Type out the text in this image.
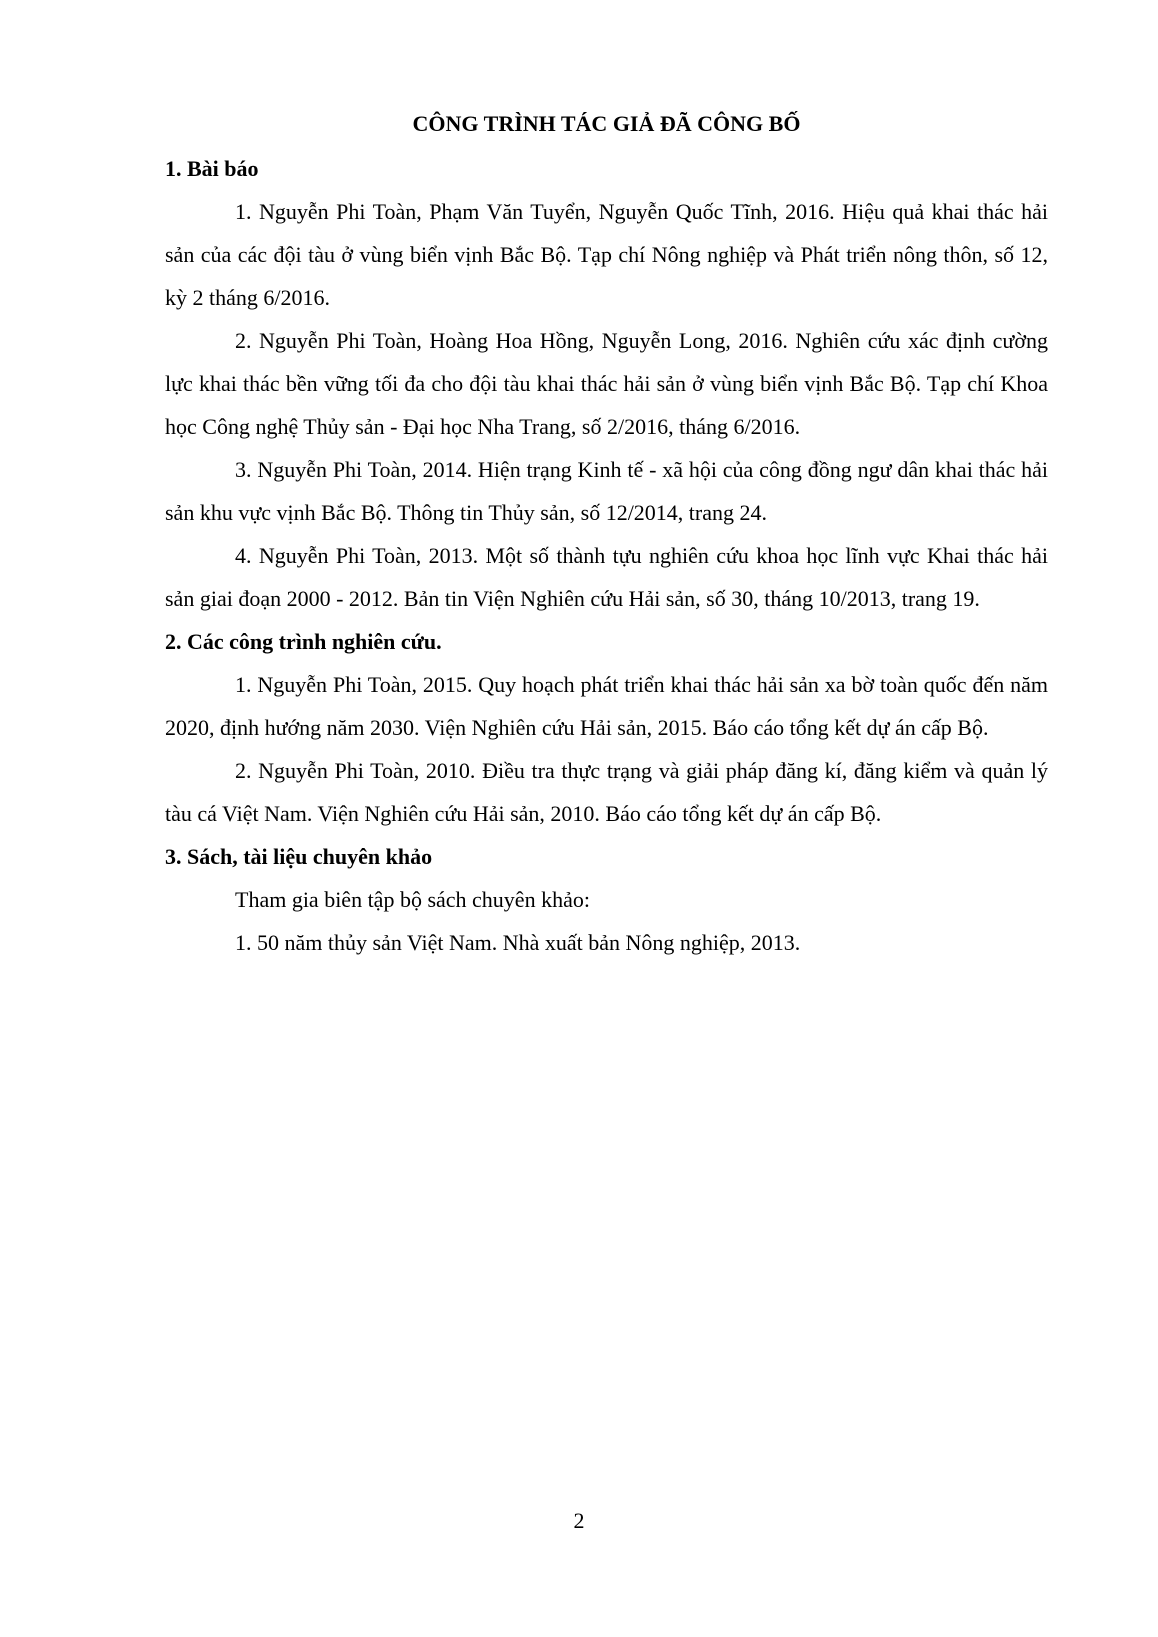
CÔNG TRÌNH TÁC GIẢ ĐÃ CÔNG BỐ

1. Bài báo

1. Nguyễn Phi Toàn, Phạm Văn Tuyển, Nguyễn Quốc Tĩnh, 2016. Hiệu quả khai thác hải sản của các đội tàu ở vùng biển vịnh Bắc Bộ. Tạp chí Nông nghiệp và Phát triển nông thôn, số 12, kỳ 2 tháng 6/2016.

2. Nguyễn Phi Toàn, Hoàng Hoa Hồng, Nguyễn Long, 2016. Nghiên cứu xác định cường lực khai thác bền vững tối đa cho đội tàu khai thác hải sản ở vùng biển vịnh Bắc Bộ. Tạp chí Khoa học Công nghệ Thủy sản - Đại học Nha Trang, số 2/2016, tháng 6/2016.

3. Nguyễn Phi Toàn, 2014. Hiện trạng Kinh tế - xã hội của công đồng ngư dân khai thác hải sản khu vực vịnh Bắc Bộ. Thông tin Thủy sản, số 12/2014, trang 24.

4. Nguyễn Phi Toàn, 2013. Một số thành tựu nghiên cứu khoa học lĩnh vực Khai thác hải sản giai đoạn 2000 - 2012. Bản tin Viện Nghiên cứu Hải sản, số 30, tháng 10/2013, trang 19.

2. Các công trình nghiên cứu.

1. Nguyễn Phi Toàn, 2015. Quy hoạch phát triển khai thác hải sản xa bờ toàn quốc đến năm 2020, định hướng năm 2030. Viện Nghiên cứu Hải sản, 2015. Báo cáo tổng kết dự án cấp Bộ.

2. Nguyễn Phi Toàn, 2010. Điều tra thực trạng và giải pháp đăng kí, đăng kiểm và quản lý tàu cá Việt Nam. Viện Nghiên cứu Hải sản, 2010. Báo cáo tổng kết dự án cấp Bộ.

3. Sách, tài liệu chuyên khảo

Tham gia biên tập bộ sách chuyên khảo:

1. 50 năm thủy sản Việt Nam. Nhà xuất bản Nông nghiệp, 2013.

2
